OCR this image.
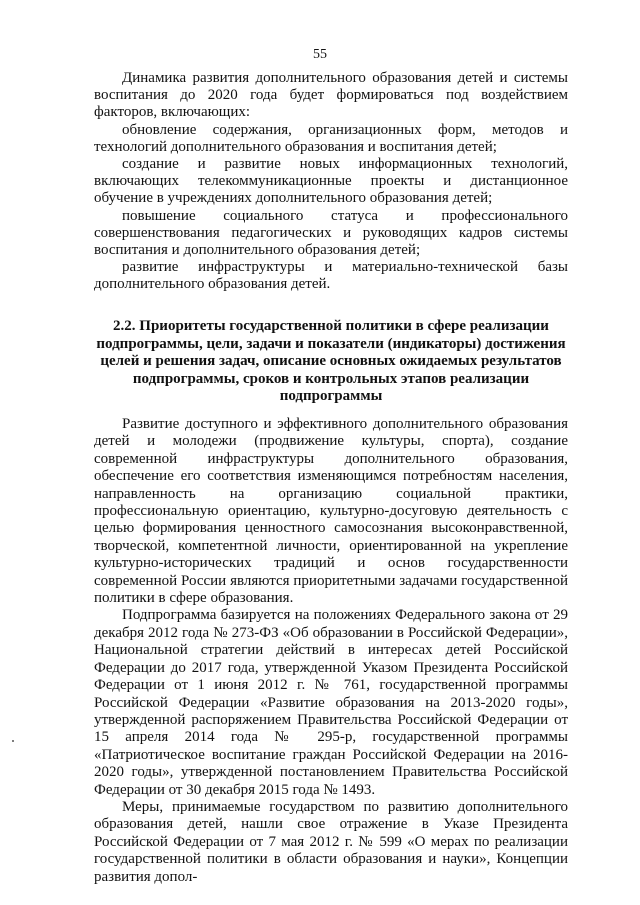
55

Динамика развития дополнительного образования детей и системы воспитания до 2020 года будет формироваться под воздействием факторов, включающих:

обновление содержания, организационных форм, методов и технологий дополнительного образования и воспитания детей;

создание и развитие новых информационных технологий, включающих телекоммуникационные проекты и дистанционное обучение в учреждениях дополнительного образования детей;

повышение социального статуса и профессионального совершенствования педагогических и руководящих кадров системы воспитания и дополнительного образования детей;

развитие инфраструктуры и материально-технической базы дополнительного образования детей.

2.2. Приоритеты государственной политики в сфере реализации подпрограммы, цели, задачи и показатели (индикаторы) достижения целей и решения задач, описание основных ожидаемых результатов подпрограммы, сроков и контрольных этапов реализации подпрограммы

Развитие доступного и эффективного дополнительного образования детей и молодежи (продвижение культуры, спорта), создание современной инфраструктуры дополнительного образования, обеспечение его соответствия изменяющимся потребностям населения, направленность на организацию социальной практики, профессиональную ориентацию, культурно-досуговую деятельность с целью формирования ценностного самосознания высоконравственной, творческой, компетентной личности, ориентированной на укрепление культурно-исторических традиций и основ государственности современной России являются приоритетными задачами государственной политики в сфере образования.

Подпрограмма базируется на положениях Федерального закона от 29 декабря 2012 года № 273-ФЗ «Об образовании в Российской Федерации», Национальной стратегии действий в интересах детей Российской Федерации до 2017 года, утвержденной Указом Президента Российской Федерации от 1 июня 2012 г. № 761, государственной программы Российской Федерации «Развитие образования на 2013-2020 годы», утвержденной распоряжением Правительства Российской Федерации от 15 апреля 2014 года № 295-р, государственной программы «Патриотическое воспитание граждан Российской Федерации на 2016-2020 годы», утвержденной постановлением Правительства Российской Федерации от 30 декабря 2015 года № 1493.

Меры, принимаемые государством по развитию дополнительного образования детей, нашли свое отражение в Указе Президента Российской Федерации от 7 мая 2012 г. № 599 «О мерах по реализации государственной политики в области образования и науки», Концепции развития допол-
